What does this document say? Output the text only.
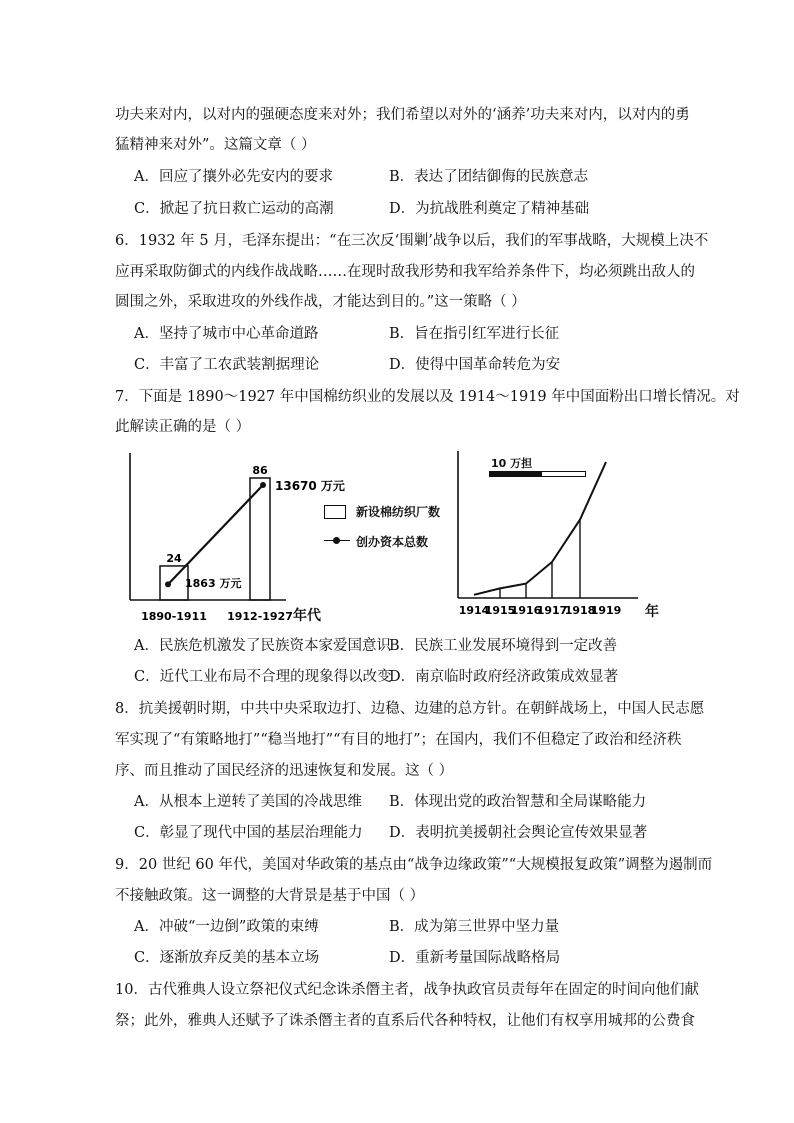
功夫来对内，以对内的强硬态度来对外；我们希望以对外的‘涵养’功夫来对内，以对内的勇
猛精神来对外”。这篇文章（ ）
A．回应了攘外必先安内的要求	B．表达了团结御侮的民族意志
C．掀起了抗日救亡运动的高潮	D．为抗战胜利奠定了精神基础
6．1932 年 5 月，毛泽东提出：“在三次反‘围剿’战争以后，我们的军事战略，大规模上决不
应再采取防御式的内线作战战略……在现时敌我形势和我军给养条件下，均必须跳出敌人的
圆围之外，采取进攻的外线作战，才能达到目的。”这一策略（ ）
A．坚持了城市中心革命道路	B．旨在指引红军进行长征
C．丰富了工农武装割据理论	D．使得中国革命转危为安
7．下面是 1890～1927 年中国棉纺织业的发展以及 1914～1919 年中国面粉出口增长情况。对
此解读正确的是（ ）
24
1890-1911
86
1912-1927
1863 万元
13670 万元
新设棉纺织厂数
创办资本总数
年代	1914
1915
1916
1917
1918
1919
10 万担
年
A．民族危机激发了民族资本家爱国意识
B．民族工业发展环境得到一定改善
C．近代工业布局不合理的现象得以改变
D．南京临时政府经济政策成效显著
8．抗美援朝时期，中共中央采取边打、边稳、边建的总方针。在朝鲜战场上，中国人民志愿
军实现了“有策略地打”“稳当地打”“有目的地打”；在国内，我们不但稳定了政治和经济秩
序、而且推动了国民经济的迅速恢复和发展。这（ ）
A．从根本上逆转了美国的冷战思维 B．体现出党的政治智慧和全局谋略能力
C．彰显了现代中国的基层治理能力 D．表明抗美援朝社会舆论宣传效果显著
9．20 世纪 60 年代，美国对华政策的基点由“战争边缘政策”“大规模报复政策”调整为遏制而
不接触政策。这一调整的大背景是基于中国（ ）
A．冲破“一边倒”政策的束缚	B．成为第三世界中坚力量
C．逐渐放弃反美的基本立场	D．重新考量国际战略格局
10．古代雅典人设立祭祀仪式纪念诛杀僭主者，战争执政官员责每年在固定的时间向他们献
祭；此外，雅典人还赋予了诛杀僭主者的直系后代各种特权，让他们有权享用城邦的公费食
